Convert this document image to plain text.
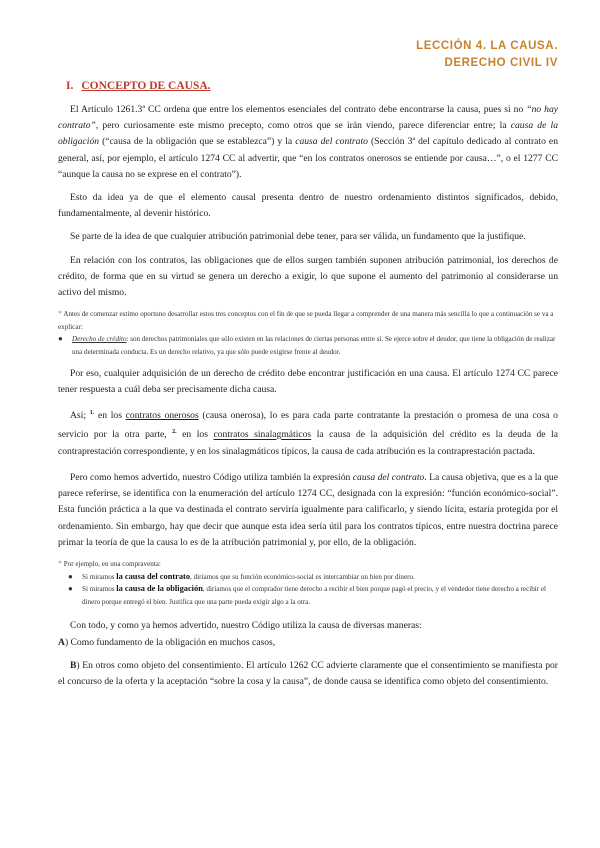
LECCIÓN 4. LA CAUSA.
DERECHO CIVIL IV
I. CONCEPTO DE CAUSA.

El Artículo 1261.3ª CC ordena que entre los elementos esenciales del contrato debe encontrarse la causa, pues si no “no hay contrato”, pero curiosamente este mismo precepto, como otros que se irán viendo, parece diferenciar entre; la causa de la obligación (“causa de la obligación que se establezca”) y la causa del contrato (Sección 3ª del capítulo dedicado al contrato en general, así, por ejemplo, el artículo 1274 CC al advertir, que “en los contratos onerosos se entiende por causa…”, o el 1277 CC “aunque la causa no se exprese en el contrato”).

Esto da idea ya de que el elemento causal presenta dentro de nuestro ordenamiento distintos significados, debido, fundamentalmente, al devenir histórico.

Se parte de la idea de que cualquier atribución patrimonial debe tener, para ser válida, un fundamento que la justifique.

En relación con los contratos, las obligaciones que de ellos surgen también suponen atribución patrimonial, los derechos de crédito, de forma que en su virtud se genera un derecho a exigir, lo que supone el aumento del patrimonio al considerarse un activo del mismo.

* Antes de comenzar estimo oportuno desarrollar estos tres conceptos con el fin de que se pueda llegar a comprender de una manera más sencilla lo que a continuación se va a explicar:
● Derecho de crédito: son derechos patrimoniales que sólo existen en las relaciones de ciertas personas entre sí. Se ejerce sobre el deudor, que tiene la obligación de realizar una determinada conducta. Es un derecho relativo, ya que sólo puede exigirse frente al deudor.

Por eso, cualquier adquisición de un derecho de crédito debe encontrar justificación en una causa. El artículo 1274 CC parece tener respuesta a cuál deba ser precisamente dicha causa.

Así; $^{1.}$ en los contratos onerosos (causa onerosa), lo es para cada parte contratante la prestación o promesa de una cosa o servicio por la otra parte, $^{2.}$ en los contratos sinalagmáticos la causa de la adquisición del crédito es la deuda de la contraprestación correspondiente, y en los sinalagmáticos típicos, la causa de cada atribución es la contraprestación pactada.

Pero como hemos advertido, nuestro Código utiliza también la expresión causa del contrato. La causa objetiva, que es a la que parece referirse, se identifica con la enumeración del artículo 1274 CC, designada con la expresión: “función económico-social”. Esta función práctica a la que va destinada el contrato serviría igualmente para calificarlo, y siendo lícita, estaría protegida por el ordenamiento. Sin embargo, hay que decir que aunque esta idea sería útil para los contratos típicos, entre nuestra doctrina parece primar la teoría de que la causa lo es de la atribución patrimonial y, por ello, de la obligación.

* Por ejemplo, en una compraventa:
● Si miramos la causa del contrato, diríamos que su función económico-social es intercambiar un bien por dinero.
● Si miramos la causa de la obligación, diríamos que el comprador tiene derecho a recibir el bien porque pagó el precio, y el vendedor tiene derecho a recibir el dinero porque entregó el bien. Justifica que una parte pueda exigir algo a la otra.

Con todo, y como ya hemos advertido, nuestro Código utiliza la causa de diversas maneras:

A) Como fundamento de la obligación en muchos casos,

B) En otros como objeto del consentimiento. El artículo 1262 CC advierte claramente que el consentimiento se manifiesta por el concurso de la oferta y la aceptación “sobre la cosa y la causa”, de donde causa se identifica como objeto del consentimiento.
